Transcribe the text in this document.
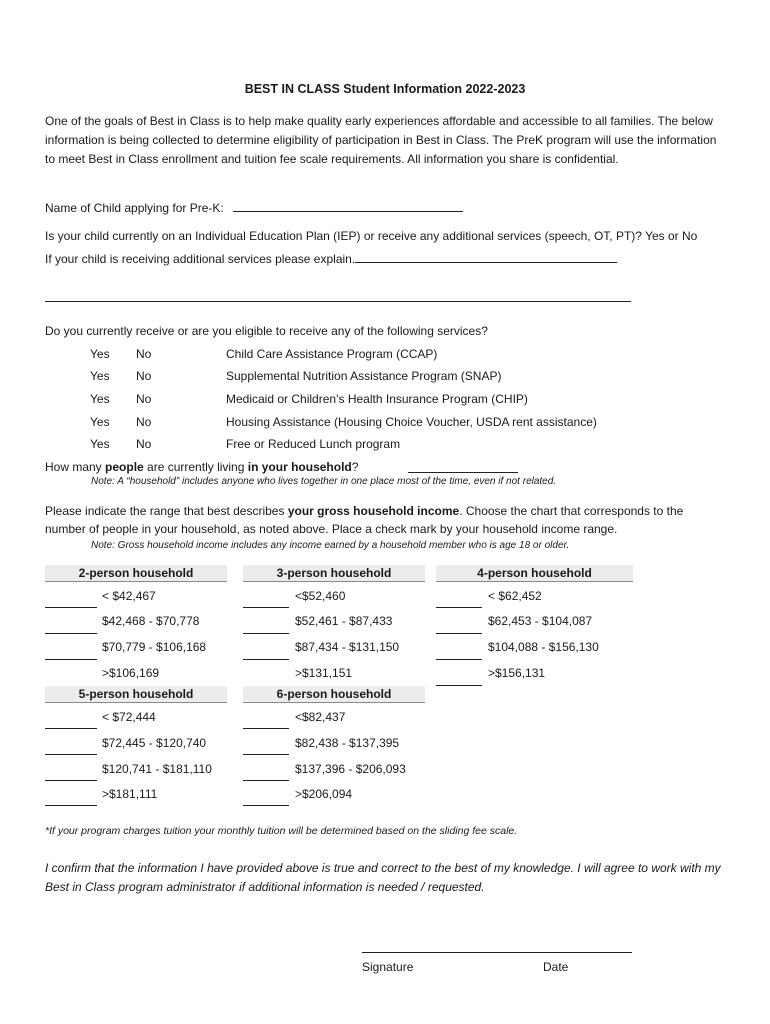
BEST IN CLASS Student Information 2022-2023
One of the goals of Best in Class is to help make quality early experiences affordable and accessible to all families. The below information is being collected to determine eligibility of participation in Best in Class. The PreK program will use the information to meet Best in Class enrollment and tuition fee scale requirements. All information you share is confidential.
Name of Child applying for Pre-K:
Is your child currently on an Individual Education Plan (IEP) or receive any additional services (speech, OT, PT)? Yes or No
If your child is receiving additional services please explain.
Do you currently receive or are you eligible to receive any of the following services?
Yes No	Child Care Assistance Program (CCAP)
Yes No	Supplemental Nutrition Assistance Program (SNAP)
Yes No	Medicaid or Children’s Health Insurance Program (CHIP)
Yes No	Housing Assistance (Housing Choice Voucher, USDA rent assistance)
Yes No	Free or Reduced Lunch program
How many people are currently living in your household?
Note: A “household” includes anyone who lives together in one place most of the time, even if not related.
Please indicate the range that best describes your gross household income. Choose the chart that corresponds to the number of people in your household, as noted above. Place a check mark by your household income range.
Note: Gross household income includes any income earned by a household member who is age 18 or older.
2-person household
< $42,467
$42,468 - $70,778
$70,779 - $106,168
>$106,169
3-person household
<$52,460
$52,461 - $87,433
$87,434 - $131,150
>$131,151
4-person household
< $62,452
$62,453 - $104,087
$104,088 - $156,130
>$156,131
5-person household
< $72,444
$72,445 - $120,740
$120,741 - $181,110
>$181,111
6-person household
<$82,437
$82,438 - $137,395
$137,396 - $206,093
>$206,094
*If your program charges tuition your monthly tuition will be determined based on the sliding fee scale.
I confirm that the information I have provided above is true and correct to the best of my knowledge. I will agree to work with my Best in Class program administrator if additional information is needed / requested.
Signature	Date
